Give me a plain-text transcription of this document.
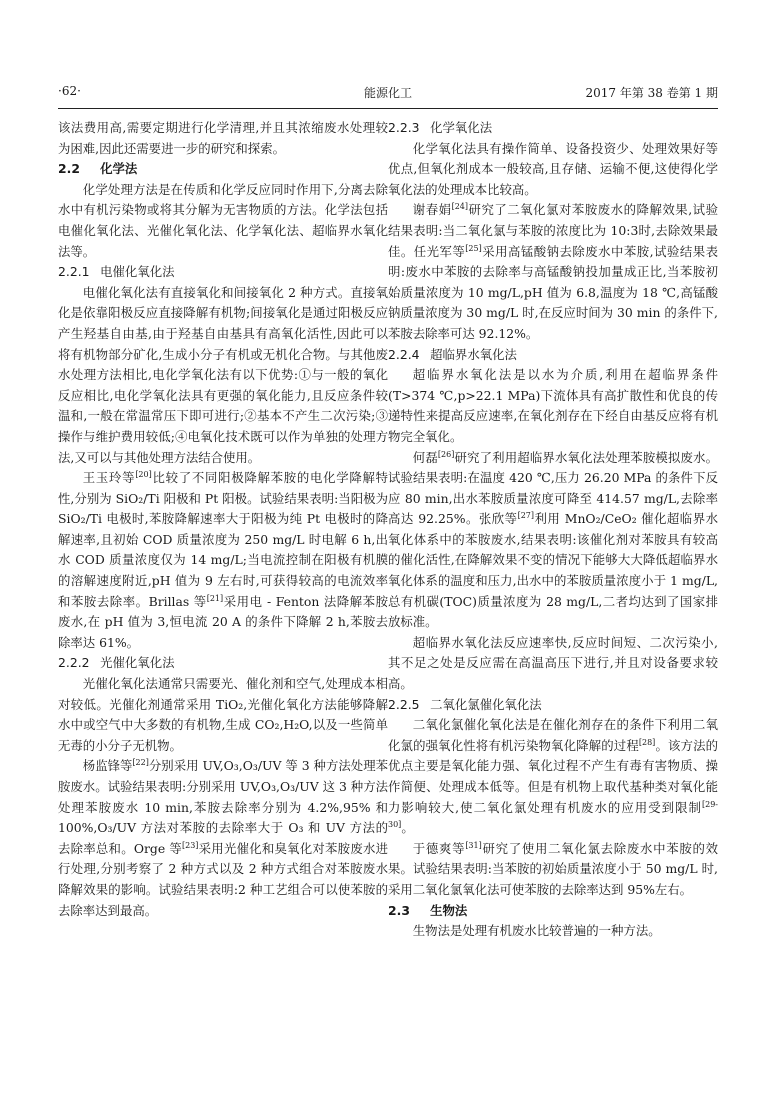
·62·	能源化工	2017 年第 38 卷第 1 期

该法费用高,需要定期进行化学清理,并且其浓缩废水处理较为困难,因此还需要进一步的研究和探索。

2.2 化学法

化学处理方法是在传质和化学反应同时作用下,分离去除水中有机污染物或将其分解为无害物质的方法。化学法包括电催化氧化法、光催化氧化法、化学氧化法、超临界水氧化法等。

2.2.1 电催化氧化法

电催化氧化法有直接氧化和间接氧化 2 种方式。直接氧化是依靠阳极反应直接降解有机物;间接氧化是通过阳极反应产生羟基自由基,由于羟基自由基具有高氧化活性,因此可以将有机物部分矿化,生成小分子有机或无机化合物。与其他废水处理方法相比,电化学氧化法有以下优势:①与一般的氧化反应相比,电化学氧化法具有更强的氧化能力,且反应条件较温和,一般在常温常压下即可进行;②基本不产生二次污染;③操作与维护费用较低;④电氧化技术既可以作为单独的处理方法,又可以与其他处理方法结合使用。

王玉玲等[20]比较了不同阳极降解苯胺的电化学降解特性,分别为 SiO₂/Ti 阳极和 Pt 阳极。试验结果表明:当阳极为 SiO₂/Ti 电极时,苯胺降解速率大于阳极为纯 Pt 电极时的降解速率,且初始 COD 质量浓度为 250 mg/L 时电解 6 h,出水 COD 质量浓度仅为 14 mg/L;当电流控制在阳极有机膜的溶解速度附近,pH 值为 9 左右时,可获得较高的电流效率和苯胺去除率。Brillas 等[21]采用电 - Fenton 法降解苯胺废水,在 pH 值为 3,恒电流 20 A 的条件下降解 2 h,苯胺去除率达 61%。

2.2.2 光催化氧化法

光催化氧化法通常只需要光、催化剂和空气,处理成本相对较低。光催化剂通常采用 TiO₂,光催化氧化方法能够降解水中或空气中大多数的有机物,生成 CO₂,H₂O,以及一些简单无毒的小分子无机物。

杨监锋等[22]分别采用 UV,O₃,O₃/UV 等 3 种方法处理苯胺废水。试验结果表明:分别采用 UV,O₃,O₃/UV 这 3 种方法处理苯胺废水 10 min,苯胺去除率分别为 4.2%,95% 和 100%,O₃/UV 方法对苯胺的去除率大于 O₃ 和 UV 方法的去除率总和。Orge 等[23]采用光催化和臭氧化对苯胺废水进行处理,分别考察了 2 种方式以及 2 种方式组合对苯胺废水降解效果的影响。试验结果表明:2 种工艺组合可以使苯胺的去除率达到最高。

2.2.3 化学氧化法

化学氧化法具有操作简单、设备投资少、处理效果好等优点,但氧化剂成本一般较高,且存储、运输不便,这使得化学氧化法的处理成本比较高。

谢春娟[24]研究了二氧化氯对苯胺废水的降解效果,试验结果表明:当二氧化氯与苯胺的浓度比为 10:3时,去除效果最佳。任光军等[25]采用高锰酸钠去除废水中苯胺,试验结果表明:废水中苯胺的去除率与高锰酸钠投加量成正比,当苯胺初始质量浓度为 10 mg/L,pH 值为 6.8,温度为 18 ℃,高锰酸钠质量浓度为 30 mg/L 时,在反应时间为 30 min 的条件下,苯胺去除率可达 92.12%。

2.2.4 超临界水氧化法

超临界水氧化法是以水为介质,利用在超临界条件(T>374 ℃,p>22.1 MPa)下流体具有高扩散性和优良的传递特性来提高反应速率,在氧化剂存在下经自由基反应将有机物完全氧化。

何磊[26]研究了利用超临界水氧化法处理苯胺模拟废水。试验结果表明:在温度 420 ℃,压力 26.20 MPa 的条件下反应 80 min,出水苯胺质量浓度可降至 414.57 mg/L,去除率高达 92.25%。张欣等[27]利用 MnO₂/CeO₂ 催化超临界水氧化体系中的苯胺废水,结果表明:该催化剂对苯胺具有较高的催化活性,在降解效果不变的情况下能够大大降低超临界水氧化体系的温度和压力,出水中的苯胺质量浓度小于 1 mg/L,总有机碳(TOC)质量浓度为 28 mg/L,二者均达到了国家排放标准。

超临界水氧化法反应速率快,反应时间短、二次污染小,其不足之处是反应需在高温高压下进行,并且对设备要求较高。

2.2.5 二氧化氯催化氧化法

二氧化氯催化氧化法是在催化剂存在的条件下利用二氧化氯的强氧化性将有机污染物氧化降解的过程[28]。该方法的优点主要是氧化能力强、氧化过程不产生有毒有害物质、操作简便、处理成本低等。但是有机物上取代基种类对氧化能力影响较大,使二氧化氯处理有机废水的应用受到限制[29-30]。

于德爽等[31]研究了使用二氧化氯去除废水中苯胺的效果。试验结果表明:当苯胺的初始质量浓度小于 50 mg/L 时,采用二氧化氯氧化法可使苯胺的去除率达到 95%左右。

2.3 生物法

生物法是处理有机废水比较普遍的一种方法。
